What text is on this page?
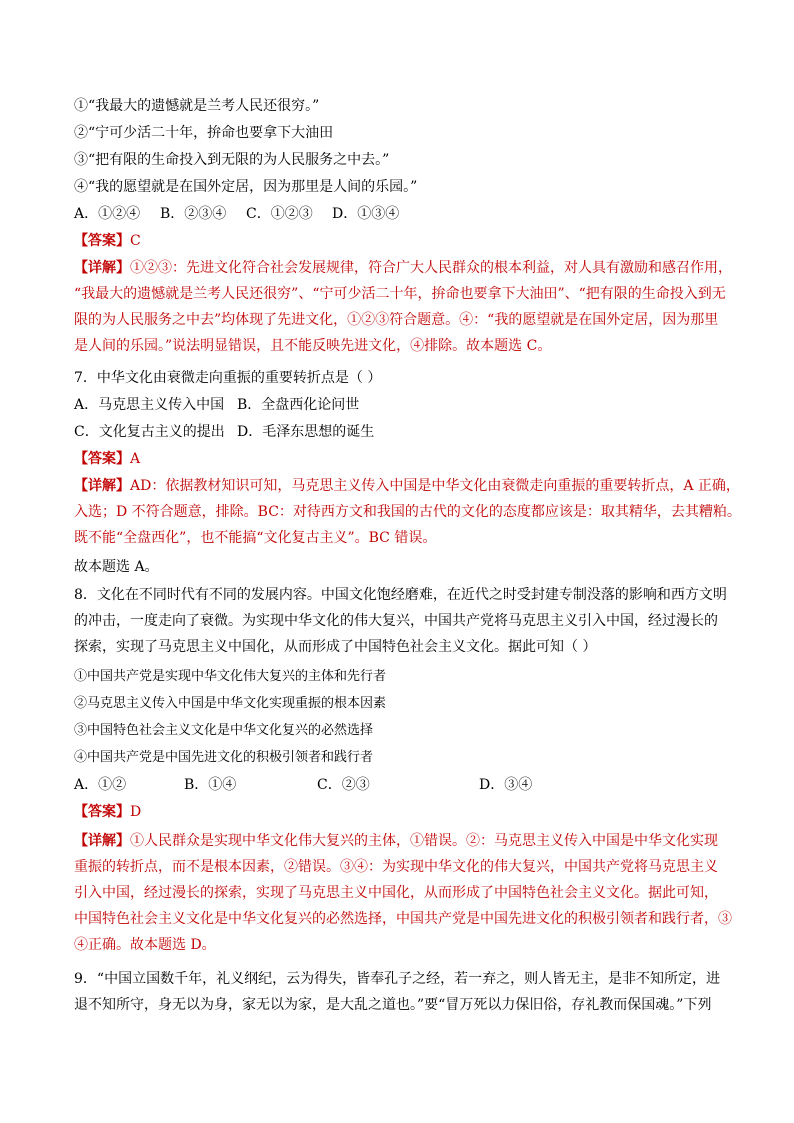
①“我最大的遗憾就是兰考人民还很穷。”
②“宁可少活二十年，拚命也要拿下大油田
③“把有限的生命投入到无限的为人民服务之中去。”
④“我的愿望就是在国外定居，因为那里是人间的乐园。”
A．①②④ B．②③④ C．①②③ D．①③④
【答案】C
【详解】①②③：先进文化符合社会发展规律，符合广大人民群众的根本利益，对人具有激励和感召作用，
“我最大的遗憾就是兰考人民还很穷”、“宁可少活二十年，拚命也要拿下大油田”、“把有限的生命投入到无
限的为人民服务之中去”均体现了先进文化，①②③符合题意。④：“我的愿望就是在国外定居，因为那里
是人间的乐园。”说法明显错误，且不能反映先进文化，④排除。故本题选 C。
7．中华文化由衰微走向重振的重要转折点是（ ）
A．马克思主义传入中国 B．全盘西化论问世
C．文化复古主义的提出 D．毛泽东思想的诞生
【答案】A
【详解】AD：依据教材知识可知，马克思主义传入中国是中华文化由衰微走向重振的重要转折点，A 正确，
入选；D 不符合题意，排除。BC：对待西方文和我国的古代的文化的态度都应该是：取其精华，去其糟粕。
既不能“全盘西化”，也不能搞“文化复古主义”。BC 错误。
故本题选 A。
8．文化在不同时代有不同的发展内容。中国文化饱经磨难，在近代之时受封建专制没落的影响和西方文明
的冲击，一度走向了衰微。为实现中华文化的伟大复兴，中国共产党将马克思主义引入中国，经过漫长的
探索，实现了马克思主义中国化，从而形成了中国特色社会主义文化。据此可知（ ）
①中国共产党是实现中华文化伟大复兴的主体和先行者
②马克思主义传入中国是中华文化实现重振的根本因素
③中国特色社会主义文化是中华文化复兴的必然选择
④中国共产党是中国先进文化的积极引领者和践行者
A．①②	B．①④	C．②③	D．③④
【答案】D
【详解】①人民群众是实现中华文化伟大复兴的主体，①错误。②：马克思主义传入中国是中华文化实现
重振的转折点，而不是根本因素，②错误。③④：为实现中华文化的伟大复兴，中国共产党将马克思主义
引入中国，经过漫长的探索，实现了马克思主义中国化，从而形成了中国特色社会主义文化。据此可知，
中国特色社会主义文化是中华文化复兴的必然选择，中国共产党是中国先进文化的积极引领者和践行者，③
④正确。故本题选 D。
9．“中国立国数千年，礼义纲纪，云为得失，皆奉孔子之经，若一弃之，则人皆无主，是非不知所定，进
退不知所守，身无以为身，家无以为家，是大乱之道也。”要“冒万死以力保旧俗，存礼教而保国魂。”下列
